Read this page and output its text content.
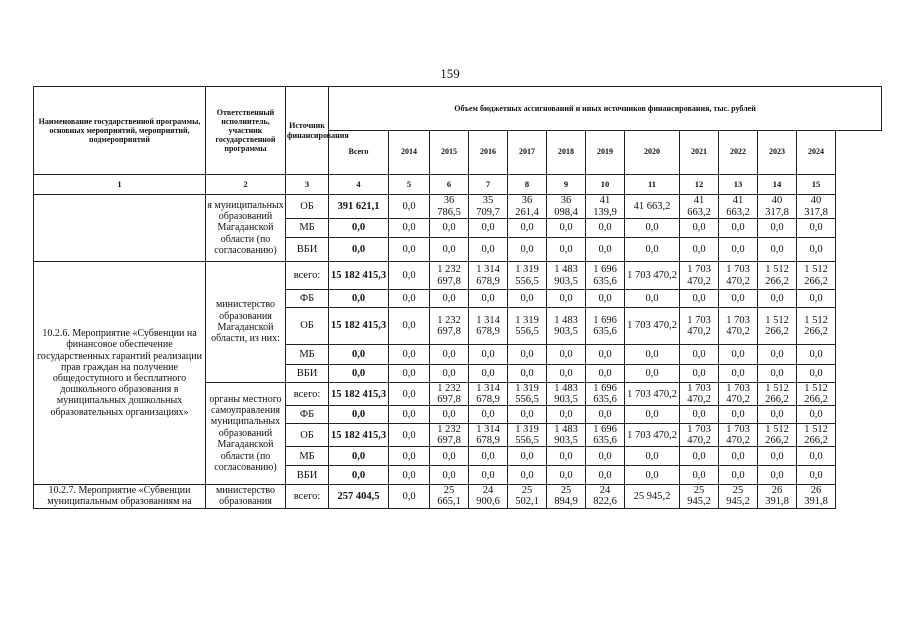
159
Наименование государственной программы, основных мероприятий, мероприятий, подмероприятий	Ответственный исполнитель, участник государственной программы	Источник финансирования	Объем бюджетных ассигнований и иных источников финансирования, тыс. рублей											
			Всего	2014	2015	2016	2017	2018	2019	2020	2021	2022	2023	2024
1	2	3	4	5	6	7	8	9	10	11	12	13	14	15
	я муниципальных образований Магаданской области (по согласованию)	ОБ	391 621,1	0,0	36 786,5	35 709,7	36 261,4	36 098,4	41 139,9	41 663,2	41 663,2	41 663,2	40 317,8	40 317,8
		МБ	0,0	0,0	0,0	0,0	0,0	0,0	0,0	0,0	0,0	0,0	0,0	0,0
		ВБИ	0,0	0,0	0,0	0,0	0,0	0,0	0,0	0,0	0,0	0,0	0,0	0,0
10.2.6. Мероприятие «Субвенции на финансовое обеспечение государственных гарантий реализации прав граждан на получение общедоступного и бесплатного дошкольного образования в муниципальных дошкольных образовательных организациях»	министерство образования Магаданской области, из них:	всего:	15 182 415,3	0,0	1 232 697,8	1 314 678,9	1 319 556,5	1 483 903,5	1 696 635,6	1 703 470,2	1 703 470,2	1 703 470,2	1 512 266,2	1 512 266,2
		ФБ	0,0	0,0	0,0	0,0	0,0	0,0	0,0	0,0	0,0	0,0	0,0	0,0
		ОБ	15 182 415,3	0,0	1 232 697,8	1 314 678,9	1 319 556,5	1 483 903,5	1 696 635,6	1 703 470,2	1 703 470,2	1 703 470,2	1 512 266,2	1 512 266,2
		МБ	0,0	0,0	0,0	0,0	0,0	0,0	0,0	0,0	0,0	0,0	0,0	0,0
		ВБИ	0,0	0,0	0,0	0,0	0,0	0,0	0,0	0,0	0,0	0,0	0,0	0,0
	органы местного самоуправления муниципальных образований Магаданской области (по согласованию)	всего:	15 182 415,3	0,0	1 232 697,8	1 314 678,9	1 319 556,5	1 483 903,5	1 696 635,6	1 703 470,2	1 703 470,2	1 703 470,2	1 512 266,2	1 512 266,2
		ФБ	0,0	0,0	0,0	0,0	0,0	0,0	0,0	0,0	0,0	0,0	0,0	0,0
		ОБ	15 182 415,3	0,0	1 232 697,8	1 314 678,9	1 319 556,5	1 483 903,5	1 696 635,6	1 703 470,2	1 703 470,2	1 703 470,2	1 512 266,2	1 512 266,2
		МБ	0,0	0,0	0,0	0,0	0,0	0,0	0,0	0,0	0,0	0,0	0,0	0,0
		ВБИ	0,0	0,0	0,0	0,0	0,0	0,0	0,0	0,0	0,0	0,0	0,0	0,0
10.2.7. Мероприятие «Субвенции муниципальным образованиям на	министерство образования	всего:	257 404,5	0,0	25 665,1	24 900,6	25 502,1	25 894,9	24 822,6	25 945,2	25 945,2	25 945,2	26 391,8	26 391,8
